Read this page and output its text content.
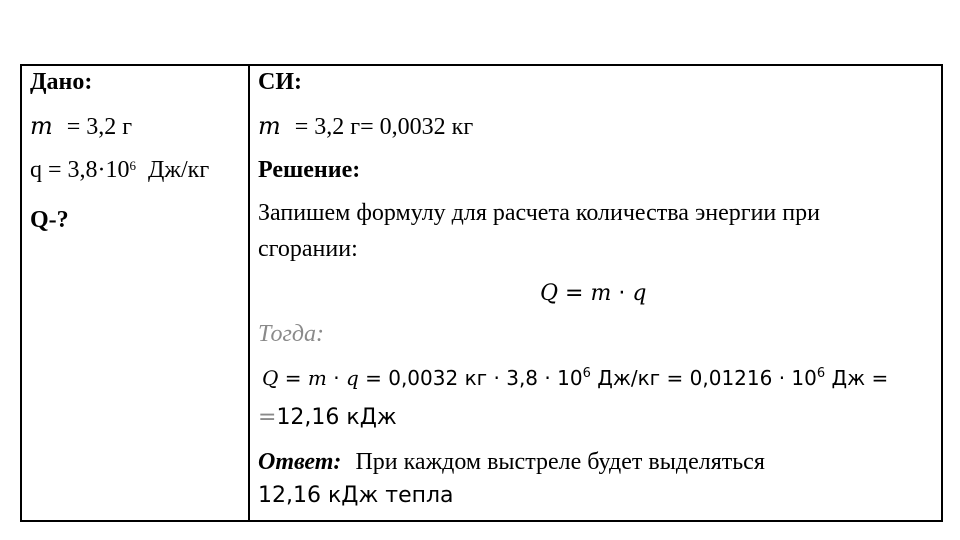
Дано:
m = 3,2 г
$q = 3,8\cdot 10^6$ Дж/кг
Q-?
СИ:
m = 3,2 г= 0,0032 кг
Решение:
Запишем формулу для расчета количества энергии при
сгорании:
Q = m · q
Тогда:
Q = m · q = 0,0032 кг · $3,8 \cdot 10^6$ $Дж/кг = 0,01216 \cdot 10^6$ Дж =
=12,16 кДж
Ответ: При каждом выстреле будет выделяться
12,16 кДж тепла
